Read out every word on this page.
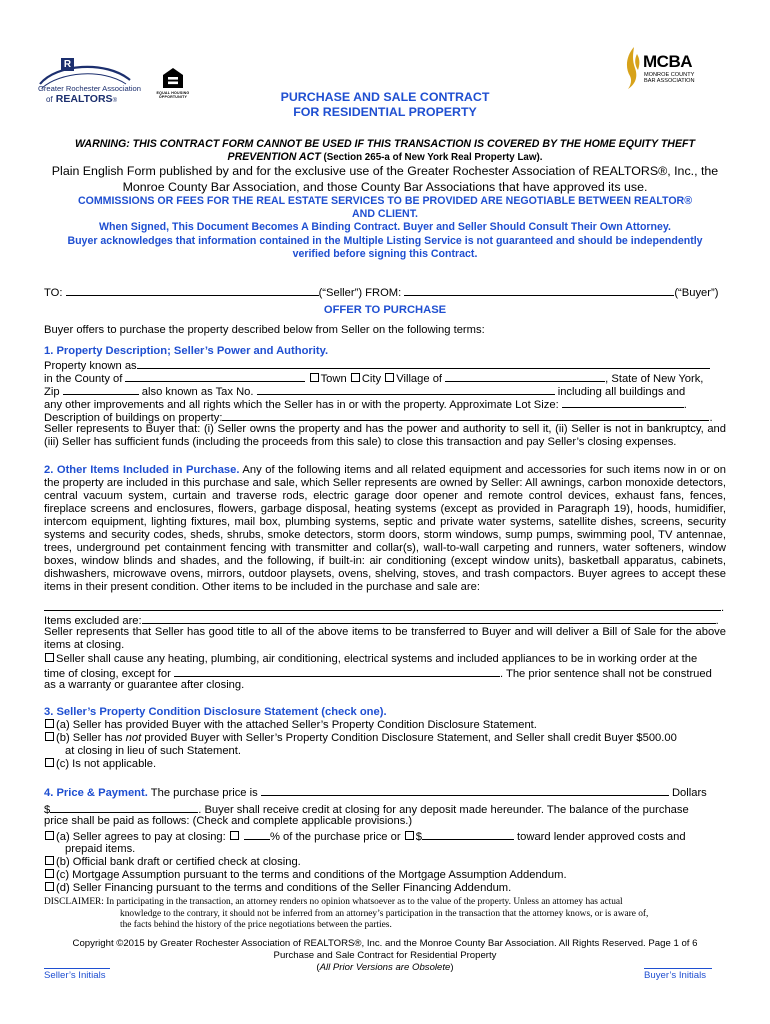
R
Greater Rochester Association
of REALTORS®
EQUAL HOUSING OPPORTUNITY
MCBA
MONROE COUNTY
BAR ASSOCIATION
PURCHASE AND SALE CONTRACT
FOR RESIDENTIAL PROPERTY
WARNING: THIS CONTRACT FORM CANNOT BE USED IF THIS TRANSACTION IS COVERED BY THE HOME EQUITY THEFT
PREVENTION ACT (Section 265-a of New York Real Property Law).
Plain English Form published by and for the exclusive use of the Greater Rochester Association of REALTORS®, Inc., the
Monroe County Bar Association, and those County Bar Associations that have approved its use.
COMMISSIONS OR FEES FOR THE REAL ESTATE SERVICES TO BE PROVIDED ARE NEGOTIABLE BETWEEN REALTOR®
AND CLIENT.
When Signed, This Document Becomes A Binding Contract. Buyer and Seller Should Consult Their Own Attorney.
Buyer acknowledges that information contained in the Multiple Listing Service is not guaranteed and should be independently
verified before signing this Contract.
TO:	(“Seller”) FROM:	(“Buyer”)
OFFER TO PURCHASE
Buyer offers to purchase the property described below from Seller on the following terms:
1. Property Description; Seller’s Power and Authority.
Property known as
in the County of	Town City Village of	, State of New York,
Zip	also known as Tax No.	including all buildings and
any other improvements and all rights which the Seller has in or with the property. Approximate Lot Size:	.
Description of buildings on property:	.
Seller represents to Buyer that: (i) Seller owns the property and has the power and authority to sell it, (ii) Seller is not in bankruptcy, and (iii) Seller has sufficient funds (including the proceeds from this sale) to close this transaction and pay Seller’s closing expenses.
2. Other Items Included in Purchase. Any of the following items and all related equipment and accessories for such items now in or on the property are included in this purchase and sale, which Seller represents are owned by Seller: All awnings, carbon monoxide detectors, central vacuum system, curtain and traverse rods, electric garage door opener and remote control devices, exhaust fans, fences, fireplace screens and enclosures, flowers, garbage disposal, heating systems (except as provided in Paragraph 19), hoods, humidifier, intercom equipment, lighting fixtures, mail box, plumbing systems, septic and private water systems, satellite dishes, screens, security systems and security codes, sheds, shrubs, smoke detectors, storm doors, storm windows, sump pumps, swimming pool, TV antennae, trees, underground pet containment fencing with transmitter and collar(s), wall-to-wall carpeting and runners, water softeners, window boxes, window blinds and shades, and the following, if built-in: air conditioning (except window units), basketball apparatus, cabinets, dishwashers, microwave ovens, mirrors, outdoor playsets, ovens, shelving, stoves, and trash compactors. Buyer agrees to accept these items in their present condition. Other items to be included in the purchase and sale are:
.
Items excluded are:	.
Seller represents that Seller has good title to all of the above items to be transferred to Buyer and will deliver a Bill of Sale for the above items at closing.
Seller shall cause any heating, plumbing, air conditioning, electrical systems and included appliances to be in working order at the
time of closing, except for	. The prior sentence shall not be construed
as a warranty or guarantee after closing.
3. Seller’s Property Condition Disclosure Statement (check one).
(a) Seller has provided Buyer with the attached Seller’s Property Condition Disclosure Statement.
(b) Seller has not provided Buyer with Seller’s Property Condition Disclosure Statement, and Seller shall credit Buyer $500.00
at closing in lieu of such Statement.
(c) Is not applicable.
4. Price & Payment. The purchase price is	Dollars
$	. Buyer shall receive credit at closing for any deposit made hereunder. The balance of the purchase
price shall be paid as follows: (Check and complete applicable provisions.)
(a) Seller agrees to pay at closing:	% of the purchase price or $	toward lender approved costs and
prepaid items.
(b) Official bank draft or certified check at closing.
(c) Mortgage Assumption pursuant to the terms and conditions of the Mortgage Assumption Addendum.
(d) Seller Financing pursuant to the terms and conditions of the Seller Financing Addendum.
DISCLAIMER: In participating in the transaction, an attorney renders no opinion whatsoever as to the value of the property. Unless an attorney has actual
knowledge to the contrary, it should not be inferred from an attorney’s participation in the transaction that the attorney knows, or is aware of,
the facts behind the history of the price negotiations between the parties.
Copyright ©2015 by Greater Rochester Association of REALTORS®, Inc. and the Monroe County Bar Association. All Rights Reserved. Page 1 of 6
Purchase and Sale Contract for Residential Property
(All Prior Versions are Obsolete)
Seller’s Initials	Buyer’s Initials
